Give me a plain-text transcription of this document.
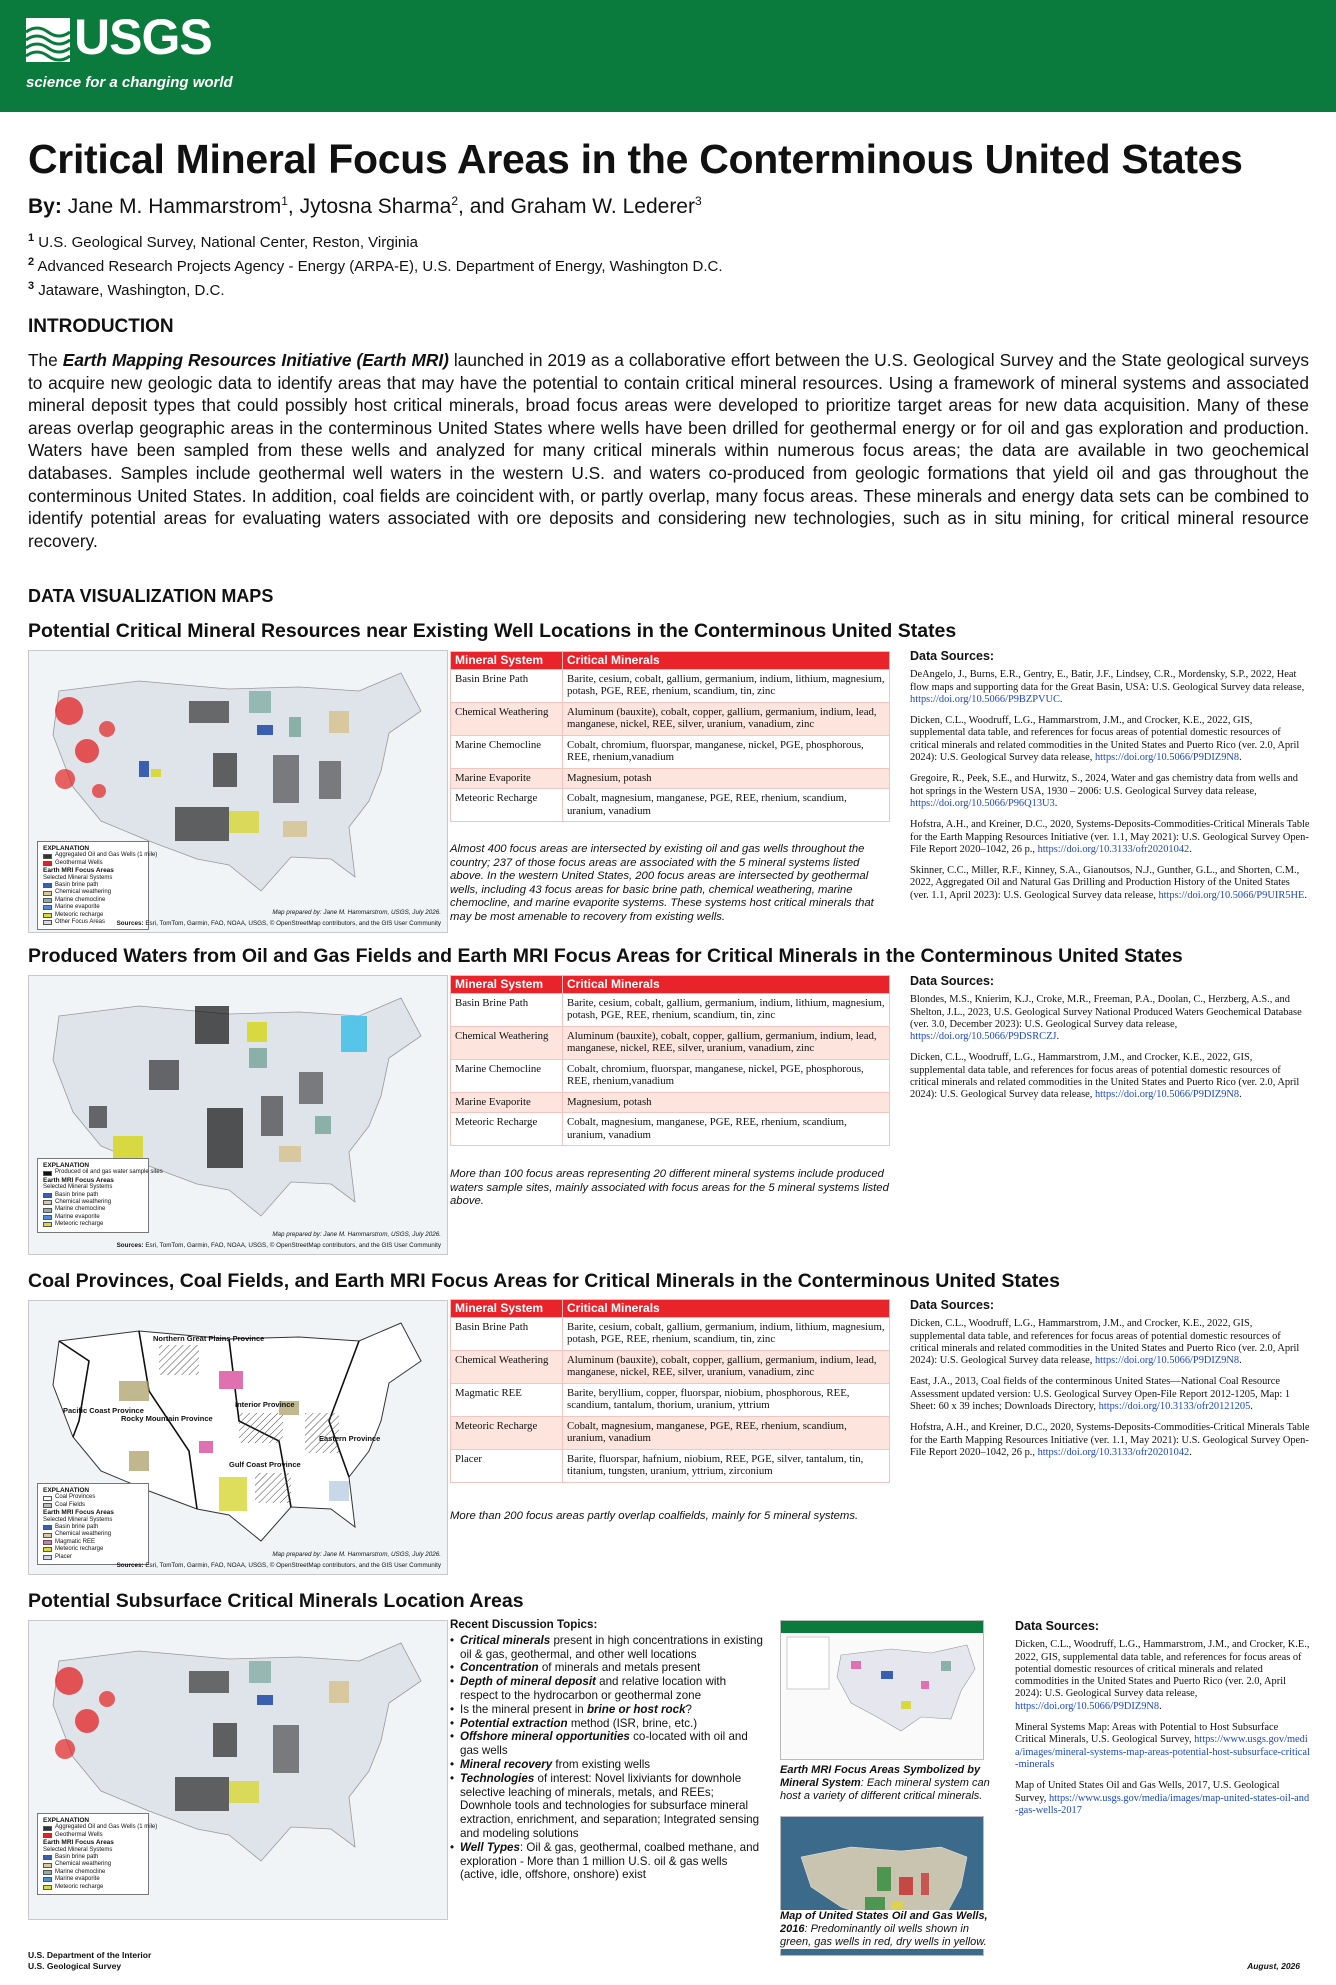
USGS
science for a changing world
Critical Mineral Focus Areas in the Conterminous United States
By: Jane M. Hammarstrom$^1$, Jytosna Sharma$^2$, and Graham W. Lederer$^3$
$^1$ U.S. Geological Survey, National Center, Reston, Virginia
$^2$ Advanced Research Projects Agency - Energy (ARPA-E), U.S. Department of Energy, Washington D.C.
$^3$ Jataware, Washington, D.C.
INTRODUCTION

The Earth Mapping Resources Initiative (Earth MRI) launched in 2019 as a collaborative effort between the U.S. Geological Survey and the State geological surveys to acquire new geologic data to identify areas that may have the potential to contain critical mineral resources. Using a framework of mineral systems and associated mineral deposit types that could possibly host critical minerals, broad focus areas were developed to prioritize target areas for new data acquisition. Many of these areas overlap geographic areas in the conterminous United States where wells have been drilled for geothermal energy or for oil and gas exploration and production. Waters have been sampled from these wells and analyzed for many critical minerals within numerous focus areas; the data are available in two geochemical databases. Samples include geothermal well waters in the western U.S. and waters co-produced from geologic formations that yield oil and gas throughout the conterminous United States. In addition, coal fields are coincident with, or partly overlap, many focus areas. These minerals and energy data sets can be combined to identify potential areas for evaluating waters associated with ore deposits and considering new technologies, such as in situ mining, for critical mineral resource recovery.

DATA VISUALIZATION MAPS
Potential Critical Mineral Resources near Existing Well Locations in the Conterminous United States
EXPLANATION
Aggregated Oil and Gas Wells (1 mile)
Geothermal Wells
Earth MRI Focus Areas
Selected Mineral Systems
Basin brine path
Chemical weathering
Marine chemocline
Marine evaporite
Meteoric recharge
Other Focus Areas
Map prepared by: Jane M. Hammarstrom, USGS, July 2026.
Sources: Esri, TomTom, Garmin, FAO, NOAA, USGS, © OpenStreetMap contributors, and the GIS User Community
Mineral System	Critical Minerals
Basin Brine Path	Barite, cesium, cobalt, gallium, germanium, indium, lithium, magnesium, potash, PGE, REE, rhenium, scandium, tin, zinc
Chemical Weathering	Aluminum (bauxite), cobalt, copper, gallium, germanium, indium, lead, manganese, nickel, REE, silver, uranium, vanadium, zinc
Marine Chemocline	Cobalt, chromium, fluorspar, manganese, nickel, PGE, phosphorous, REE, rhenium,vanadium
Marine Evaporite	Magnesium, potash
Meteoric Recharge	Cobalt, magnesium, manganese, PGE, REE, rhenium, scandium, uranium, vanadium

Almost 400 focus areas are intersected by existing oil and gas wells throughout the country; 237 of those focus areas are associated with the 5 mineral systems listed above. In the western United States, 200 focus areas are intersected by geothermal wells, including 43 focus areas for basic brine path, chemical weathering, marine chemocline, and marine evaporite systems. These systems host critical minerals that may be most amenable to recovery from existing wells.

Data Sources:

DeAngelo, J., Burns, E.R., Gentry, E., Batir, J.F., Lindsey, C.R., Mordensky, S.P., 2022, Heat flow maps and supporting data for the Great Basin, USA: U.S. Geological Survey data release, https://doi.org/10.5066/P9BZPVUC.

Dicken, C.L., Woodruff, L.G., Hammarstrom, J.M., and Crocker, K.E., 2022, GIS, supplemental data table, and references for focus areas of potential domestic resources of critical minerals and related commodities in the United States and Puerto Rico (ver. 2.0, April 2024): U.S. Geological Survey data release, https://doi.org/10.5066/P9DIZ9N8.

Gregoire, R., Peek, S.E., and Hurwitz, S., 2024, Water and gas chemistry data from wells and hot springs in the Western USA, 1930 – 2006: U.S. Geological Survey data release, https://doi.org/10.5066/P96Q13U3.

Hofstra, A.H., and Kreiner, D.C., 2020, Systems-Deposits-Commodities-Critical Minerals Table for the Earth Mapping Resources Initiative (ver. 1.1, May 2021): U.S. Geological Survey Open-File Report 2020–1042, 26 p., https://doi.org/10.3133/ofr20201042.

Skinner, C.C., Miller, R.F., Kinney, S.A., Gianoutsos, N.J., Gunther, G.L., and Shorten, C.M., 2022, Aggregated Oil and Natural Gas Drilling and Production History of the United States (ver. 1.1, April 2023): U.S. Geological Survey data release, https://doi.org/10.5066/P9UIR5HE.

Produced Waters from Oil and Gas Fields and Earth MRI Focus Areas for Critical Minerals in the Conterminous United States
EXPLANATION
Produced oil and gas water sample sites
Earth MRI Focus Areas
Selected Mineral Systems
Basin brine path
Chemical weathering
Marine chemocline
Marine evaporite
Meteoric recharge
Map prepared by: Jane M. Hammarstrom, USGS, July 2026.
Sources: Esri, TomTom, Garmin, FAO, NOAA, USGS, © OpenStreetMap contributors, and the GIS User Community
Mineral System	Critical Minerals
Basin Brine Path	Barite, cesium, cobalt, gallium, germanium, indium, lithium, magnesium, potash, PGE, REE, rhenium, scandium, tin, zinc
Chemical Weathering	Aluminum (bauxite), cobalt, copper, gallium, germanium, indium, lead, manganese, nickel, REE, silver, uranium, vanadium, zinc
Marine Chemocline	Cobalt, chromium, fluorspar, manganese, nickel, PGE, phosphorous, REE, rhenium,vanadium
Marine Evaporite	Magnesium, potash
Meteoric Recharge	Cobalt, magnesium, manganese, PGE, REE, rhenium, scandium, uranium, vanadium

More than 100 focus areas representing 20 different mineral systems include produced waters sample sites, mainly associated with focus areas for the 5 mineral systems listed above.

Data Sources:

Blondes, M.S., Knierim, K.J., Croke, M.R., Freeman, P.A., Doolan, C., Herzberg, A.S., and Shelton, J.L., 2023, U.S. Geological Survey National Produced Waters Geochemical Database (ver. 3.0, December 2023): U.S. Geological Survey data release, https://doi.org/10.5066/P9DSRCZJ.

Dicken, C.L., Woodruff, L.G., Hammarstrom, J.M., and Crocker, K.E., 2022, GIS, supplemental data table, and references for focus areas of potential domestic resources of critical minerals and related commodities in the United States and Puerto Rico (ver. 2.0, April 2024): U.S. Geological Survey data release, https://doi.org/10.5066/P9DIZ9N8.

Coal Provinces, Coal Fields, and Earth MRI Focus Areas for Critical Minerals in the Conterminous United States
Pacific Coast Province
Northern Great Plains Province
Rocky Mountain Province
Interior Province
Eastern Province
Gulf Coast Province
EXPLANATION
Coal Provinces
Coal Fields
Earth MRI Focus Areas
Selected Mineral Systems
Basin brine path
Chemical weathering
Magmatic REE
Meteoric recharge
Placer	Map prepared by: Jane M. Hammarstrom, USGS, July 2026.
Sources: Esri, TomTom, Garmin, FAO, NOAA, USGS, © OpenStreetMap contributors, and the GIS User Community
Mineral System	Critical Minerals
Basin Brine Path	Barite, cesium, cobalt, gallium, germanium, indium, lithium, magnesium, potash, PGE, REE, rhenium, scandium, tin, zinc
Chemical Weathering	Aluminum (bauxite), cobalt, copper, gallium, germanium, indium, lead, manganese, nickel, REE, silver, uranium, vanadium, zinc
Magmatic REE	Barite, beryllium, copper, fluorspar, niobium, phosphorous, REE, scandium, tantalum, thorium, uranium, yttrium
Meteoric Recharge	Cobalt, magnesium, manganese, PGE, REE, rhenium, scandium, uranium, vanadium
Placer	Barite, fluorspar, hafnium, niobium, REE, PGE, silver, tantalum, tin, titanium, tungsten, uranium, yttrium, zirconium

More than 200 focus areas partly overlap coalfields, mainly for 5 mineral systems.

Data Sources:

Dicken, C.L., Woodruff, L.G., Hammarstrom, J.M., and Crocker, K.E., 2022, GIS, supplemental data table, and references for focus areas of potential domestic resources of critical minerals and related commodities in the United States and Puerto Rico (ver. 2.0, April 2024): U.S. Geological Survey data release, https://doi.org/10.5066/P9DIZ9N8.

East, J.A., 2013, Coal fields of the conterminous United States—National Coal Resource Assessment updated version: U.S. Geological Survey Open-File Report 2012-1205, Map: 1 Sheet: 60 x 39 inches; Downloads Directory, https://doi.org/10.3133/ofr20121205.

Hofstra, A.H., and Kreiner, D.C., 2020, Systems-Deposits-Commodities-Critical Minerals Table for the Earth Mapping Resources Initiative (ver. 1.1, May 2021): U.S. Geological Survey Open-File Report 2020–1042, 26 p., https://doi.org/10.3133/ofr20201042.

Potential Subsurface Critical Minerals Location Areas
EXPLANATION
Aggregated Oil and Gas Wells (1 mile)
Geothermal Wells
Earth MRI Focus Areas
Selected Mineral Systems
Basin brine path
Chemical weathering
Marine chemocline
Marine evaporite
Meteoric recharge
Recent Discussion Topics:
• Critical minerals present in high concentrations in existing oil & gas, geothermal, and other well locations
• Concentration of minerals and metals present
• Depth of mineral deposit and relative location with respect to the hydrocarbon or geothermal zone
• Is the mineral present in brine or host rock?
• Potential extraction method (ISR, brine, etc.)
• Offshore mineral opportunities co-located with oil and gas wells
• Mineral recovery from existing wells
• Technologies of interest: Novel lixiviants for downhole selective leaching of minerals, metals, and REEs; Downhole tools and technologies for subsurface mineral extraction, enrichment, and separation; Integrated sensing and modeling solutions
• Well Types: Oil & gas, geothermal, coalbed methane, and exploration - More than 1 million U.S. oil & gas wells (active, idle, offshore, onshore) exist

Earth MRI Focus Areas Symbolized by Mineral System: Each mineral system can host a variety of different critical minerals.

Map of United States Oil and Gas Wells, 2016: Predominantly oil wells shown in green, gas wells in red, dry wells in yellow.

Data Sources:

Dicken, C.L., Woodruff, L.G., Hammarstrom, J.M., and Crocker, K.E., 2022, GIS, supplemental data table, and references for focus areas of potential domestic resources of critical minerals and related commodities in the United States and Puerto Rico (ver. 2.0, April 2024): U.S. Geological Survey data release, https://doi.org/10.5066/P9DIZ9N8.

Mineral Systems Map: Areas with Potential to Host Subsurface Critical Minerals, U.S. Geological Survey, https://www.usgs.gov/media/images/mineral-systems-map-areas-potential-host-subsurface-critical-minerals

Map of United States Oil and Gas Wells, 2017, U.S. Geological Survey, https://www.usgs.gov/media/images/map-united-states-oil-and-gas-wells-2017

U.S. Department of the Interior
U.S. Geological Survey	August, 2026
